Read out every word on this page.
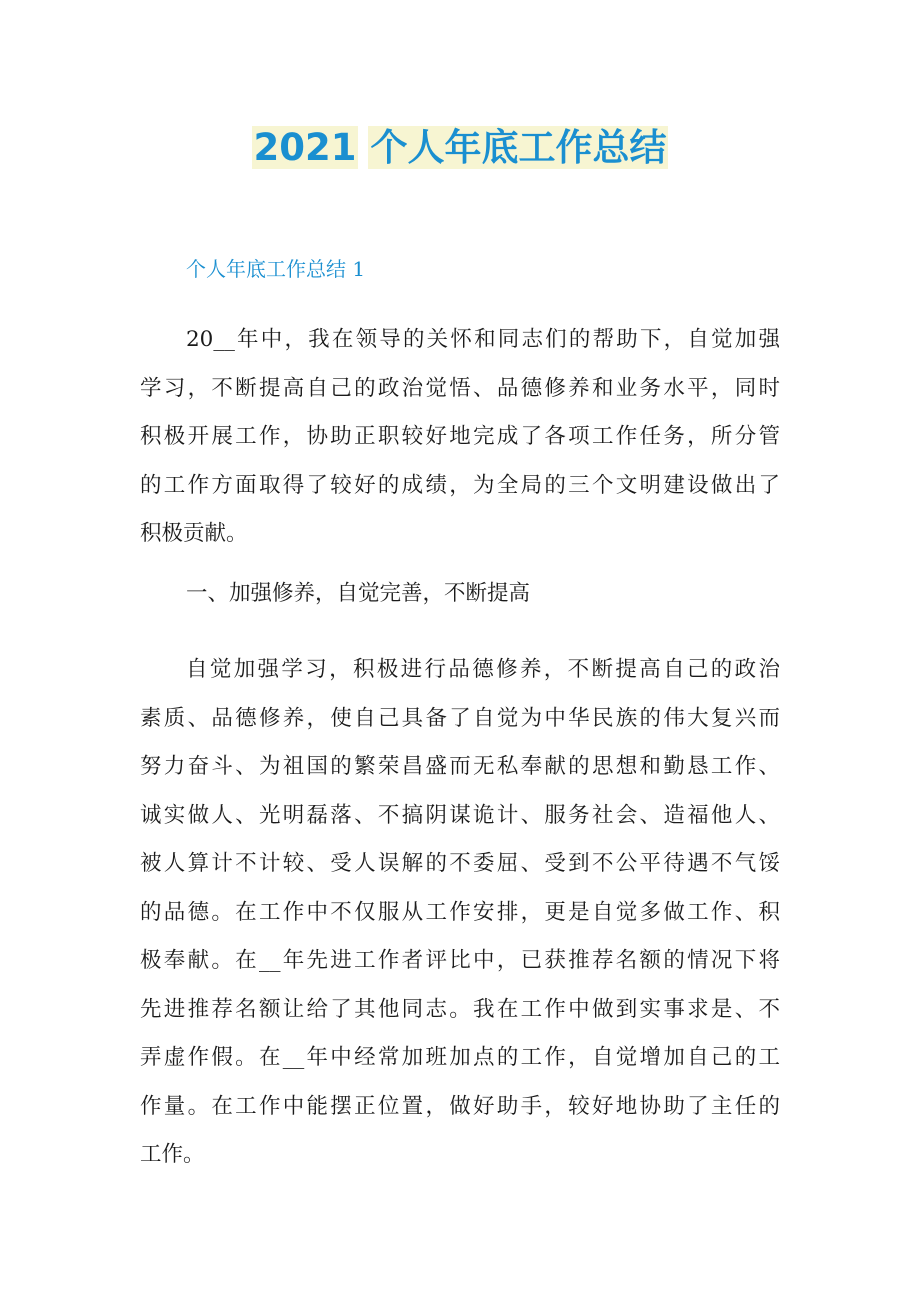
2021 个人年底工作总结
个人年底工作总结 1
20__年中，我在领导的关怀和同志们的帮助下，自觉加强
学习，不断提高自己的政治觉悟、品德修养和业务水平，同时
积极开展工作，协助正职较好地完成了各项工作任务，所分管
的工作方面取得了较好的成绩，为全局的三个文明建设做出了
积极贡献。
一、加强修养，自觉完善，不断提高
自觉加强学习，积极进行品德修养，不断提高自己的政治
素质、品德修养，使自己具备了自觉为中华民族的伟大复兴而
努力奋斗、为祖国的繁荣昌盛而无私奉献的思想和勤恳工作、
诚实做人、光明磊落、不搞阴谋诡计、服务社会、造福他人、
被人算计不计较、受人误解的不委屈、受到不公平待遇不气馁
的品德。在工作中不仅服从工作安排，更是自觉多做工作、积
极奉献。在__年先进工作者评比中，已获推荐名额的情况下将
先进推荐名额让给了其他同志。我在工作中做到实事求是、不
弄虚作假。在__年中经常加班加点的工作，自觉增加自己的工
作量。在工作中能摆正位置，做好助手，较好地协助了主任的
工作。
